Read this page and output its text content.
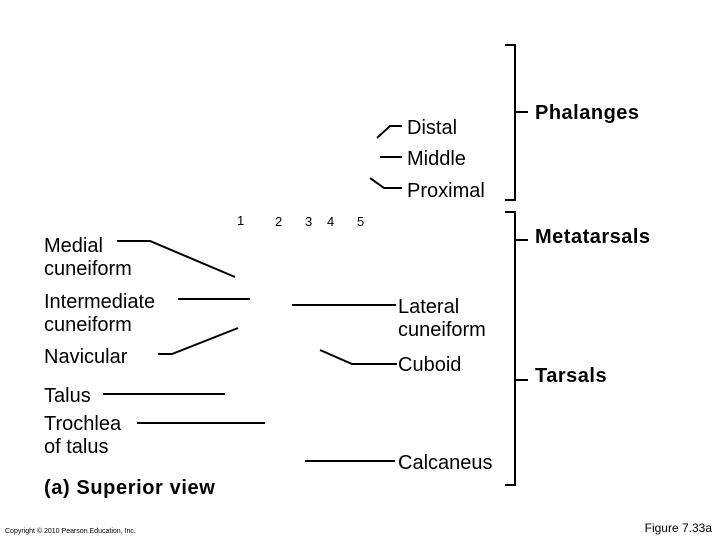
Medial
cuneiform
Intermediate
cuneiform
Navicular
Talus
Trochlea
of talus
1 2 3 4 5
Distal
Middle
Proximal
Lateral
cuneiform
Cuboid
Calcaneus
Phalanges
Metatarsals
Tarsals
(a) Superior view
Copyright © 2010 Pearson Education, Inc.	Figure 7.33a
